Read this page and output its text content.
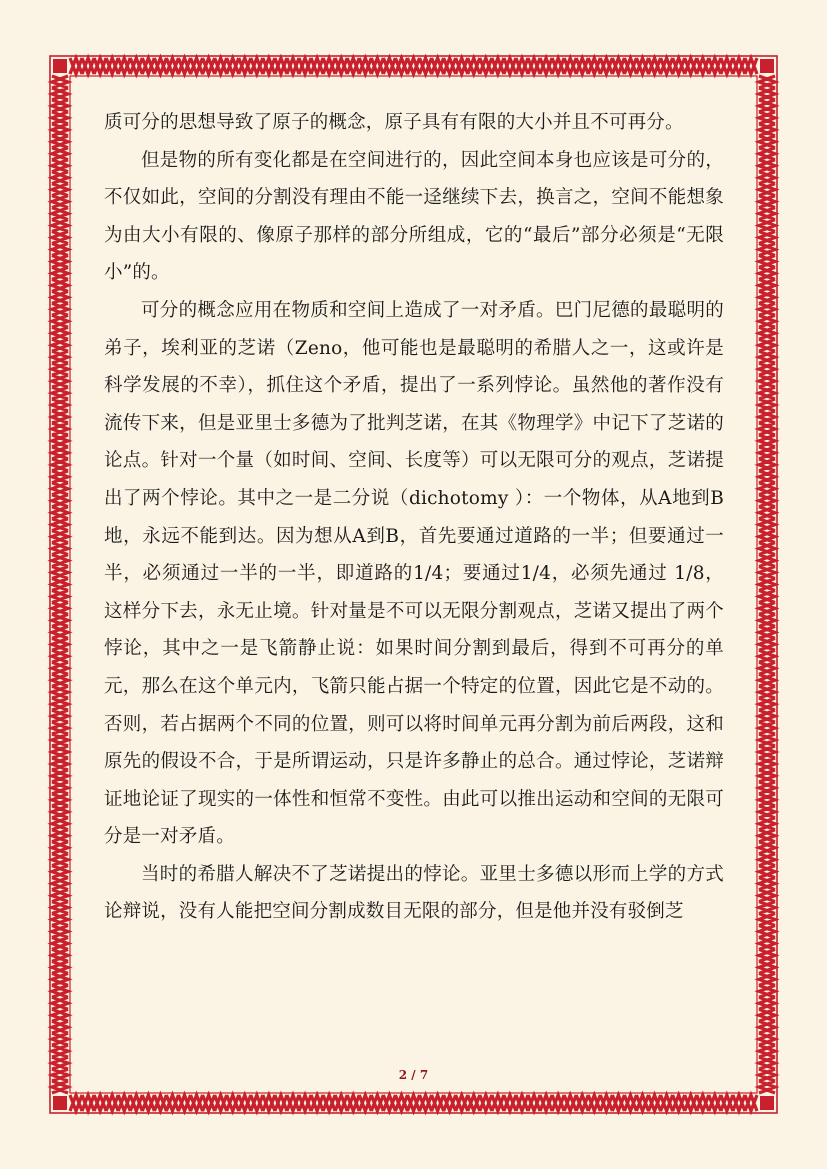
质可分的思想导致了原子的概念，原子具有有限的大小并且不可再分。

但是物的所有变化都是在空间进行的，因此空间本身也应该是可分的，不仅如此，空间的分割没有理由不能一迳继续下去，换言之，空间不能想象为由大小有限的、像原子那样的部分所组成，它的“最后”部分必须是“无限小”的。

可分的概念应用在物质和空间上造成了一对矛盾。巴门尼德的最聪明的弟子，埃利亚的芝诺（Zeno，他可能也是最聪明的希腊人之一，这或许是科学发展的不幸），抓住这个矛盾，提出了一系列悖论。虽然他的著作没有流传下来，但是亚里士多德为了批判芝诺，在其《物理学》中记下了芝诺的论点。针对一个量（如时间、空间、长度等）可以无限可分的观点，芝诺提出了两个悖论。其中之一是二分说（dichotomy ）：一个物体，从A地到B地，永远不能到达。因为想从A到B，首先要通过道路的一半；但要通过一半，必须通过一半的一半，即道路的1/4；要通过1/4，必须先通过 1/8，这样分下去，永无止境。针对量是不可以无限分割观点，芝诺又提出了两个悖论，其中之一是飞箭静止说：如果时间分割到最后，得到不可再分的单元，那么在这个单元内，飞箭只能占据一个特定的位置，因此它是不动的。否则，若占据两个不同的位置，则可以将时间单元再分割为前后两段，这和原先的假设不合，于是所谓运动，只是许多静止的总合。通过悖论，芝诺辩证地论证了现实的一体性和恒常不变性。由此可以推出运动和空间的无限可分是一对矛盾。

当时的希腊人解决不了芝诺提出的悖论。亚里士多德以形而上学的方式论辩说，没有人能把空间分割成数目无限的部分，但是他并没有驳倒芝

2 / 7
